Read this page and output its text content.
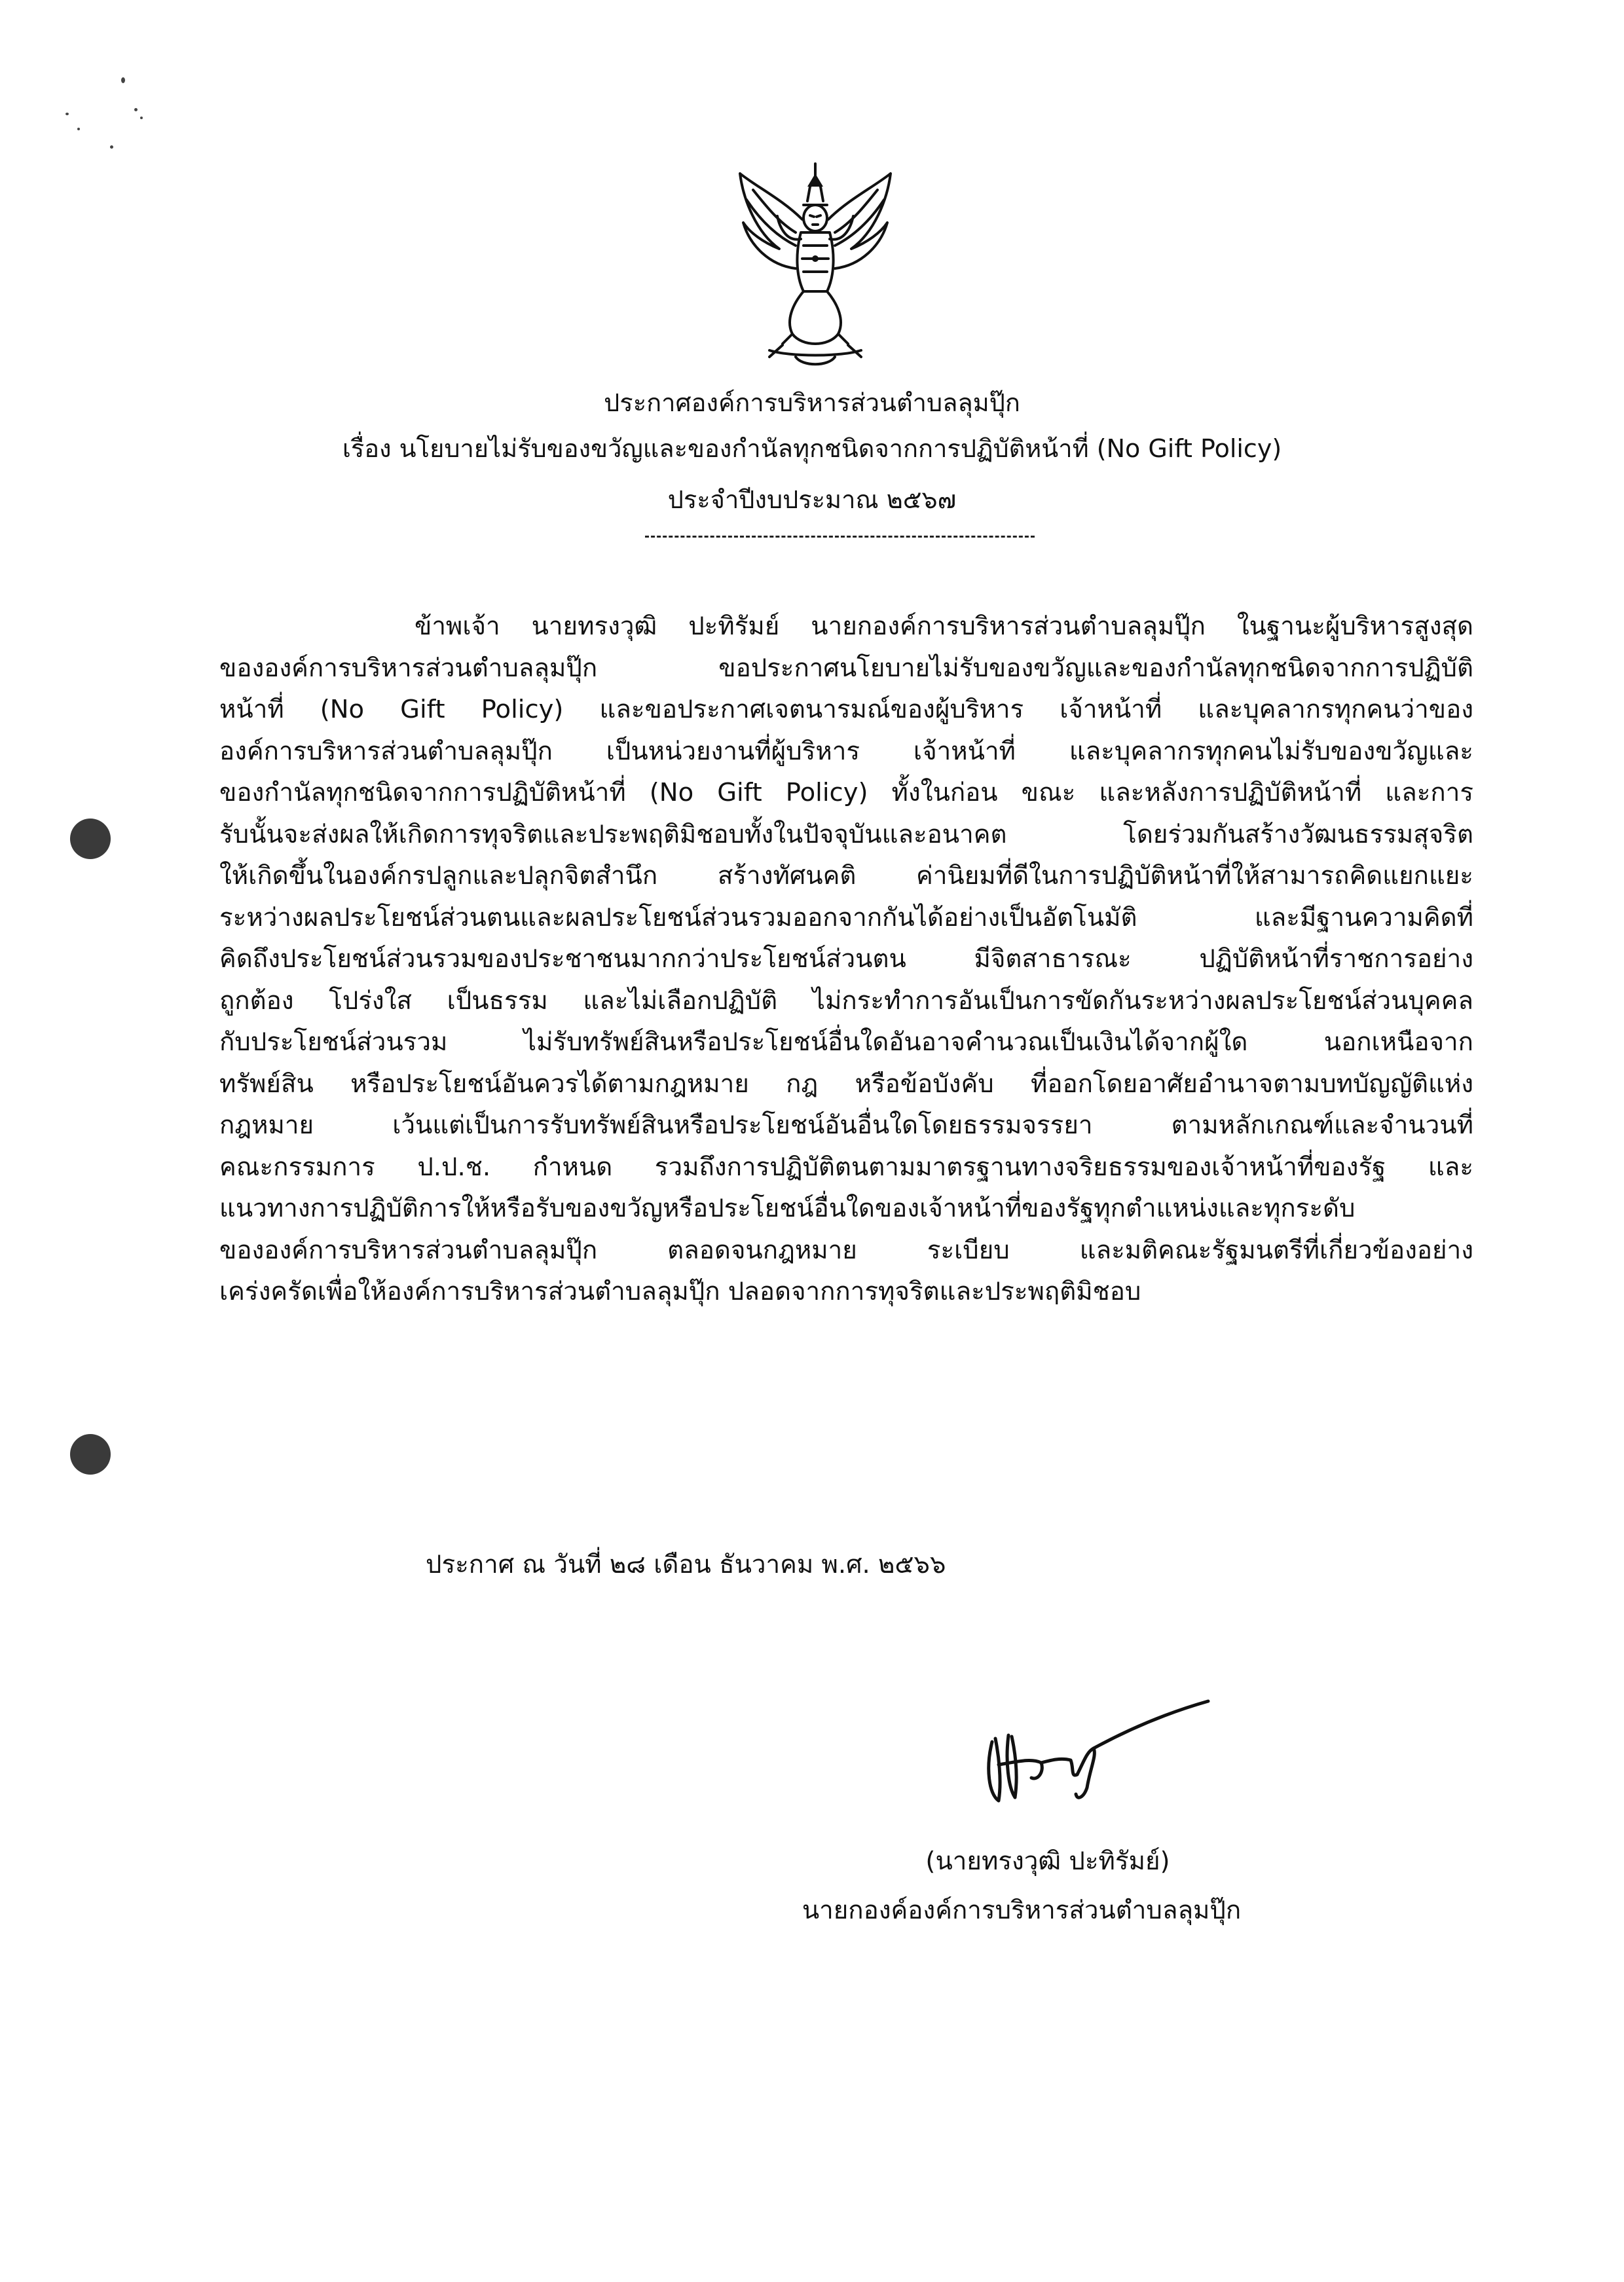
ประกาศองค์การบริหารส่วนตำบลลุมปุ๊ก
เรื่อง นโยบายไม่รับของขวัญและของกำนัลทุกชนิดจากการปฏิบัติหน้าที่ (No Gift Policy)
ประจำปีงบประมาณ ๒๕๖๗
ข้าพเจ้า นายทรงวุฒิ ปะทิรัมย์ นายกองค์การบริหารส่วนตำบลลุมปุ๊ก ในฐานะผู้บริหารสูงสุด
ขององค์การบริหารส่วนตำบลลุมปุ๊ก ขอประกาศนโยบายไม่รับของขวัญและของกำนัลทุกชนิดจากการปฏิบัติ
หน้าที่ (No Gift Policy) และขอประกาศเจตนารมณ์ของผู้บริหาร เจ้าหน้าที่ และบุคลากรทุกคนว่าของ
องค์การบริหารส่วนตำบลลุมปุ๊ก เป็นหน่วยงานที่ผู้บริหาร เจ้าหน้าที่ และบุคลากรทุกคนไม่รับของขวัญและ
ของกำนัลทุกชนิดจากการปฏิบัติหน้าที่ (No Gift Policy) ทั้งในก่อน ขณะ และหลังการปฏิบัติหน้าที่ และการ
รับนั้นจะส่งผลให้เกิดการทุจริตและประพฤติมิชอบทั้งในปัจจุบันและอนาคต โดยร่วมกันสร้างวัฒนธรรมสุจริต
ให้เกิดขึ้นในองค์กรปลูกและปลุกจิตสำนึก สร้างทัศนคติ ค่านิยมที่ดีในการปฏิบัติหน้าที่ให้สามารถคิดแยกแยะ
ระหว่างผลประโยชน์ส่วนตนและผลประโยชน์ส่วนรวมออกจากกันได้อย่างเป็นอัตโนมัติ และมีฐานความคิดที่
คิดถึงประโยชน์ส่วนรวมของประชาชนมากกว่าประโยชน์ส่วนตน มีจิตสาธารณะ ปฏิบัติหน้าที่ราชการอย่าง
ถูกต้อง โปร่งใส เป็นธรรม และไม่เลือกปฏิบัติ ไม่กระทำการอันเป็นการขัดกันระหว่างผลประโยชน์ส่วนบุคคล
กับประโยชน์ส่วนรวม ไม่รับทรัพย์สินหรือประโยชน์อื่นใดอันอาจคำนวณเป็นเงินได้จากผู้ใด นอกเหนือจาก
ทรัพย์สิน หรือประโยชน์อันควรได้ตามกฎหมาย กฎ หรือข้อบังคับ ที่ออกโดยอาศัยอำนาจตามบทบัญญัติแห่ง
กฎหมาย เว้นแต่เป็นการรับทรัพย์สินหรือประโยชน์อันอื่นใดโดยธรรมจรรยา ตามหลักเกณฑ์และจำนวนที่
คณะกรรมการ ป.ป.ช. กำหนด รวมถึงการปฏิบัติตนตามมาตรฐานทางจริยธรรมของเจ้าหน้าที่ของรัฐ และ
แนวทางการปฏิบัติการให้หรือรับของขวัญหรือประโยชน์อื่นใดของเจ้าหน้าที่ของรัฐทุกตำแหน่งและทุกระดับ
ขององค์การบริหารส่วนตำบลลุมปุ๊ก ตลอดจนกฎหมาย ระเบียบ และมติคณะรัฐมนตรีที่เกี่ยวข้องอย่าง
เคร่งครัดเพื่อให้องค์การบริหารส่วนตำบลลุมปุ๊ก ปลอดจากการทุจริตและประพฤติมิชอบ
ประกาศ ณ วันที่ ๒๘ เดือน ธันวาคม พ.ศ. ๒๕๖๖
(นายทรงวุฒิ ปะทิรัมย์)
นายกองค์องค์การบริหารส่วนตำบลลุมปุ๊ก
